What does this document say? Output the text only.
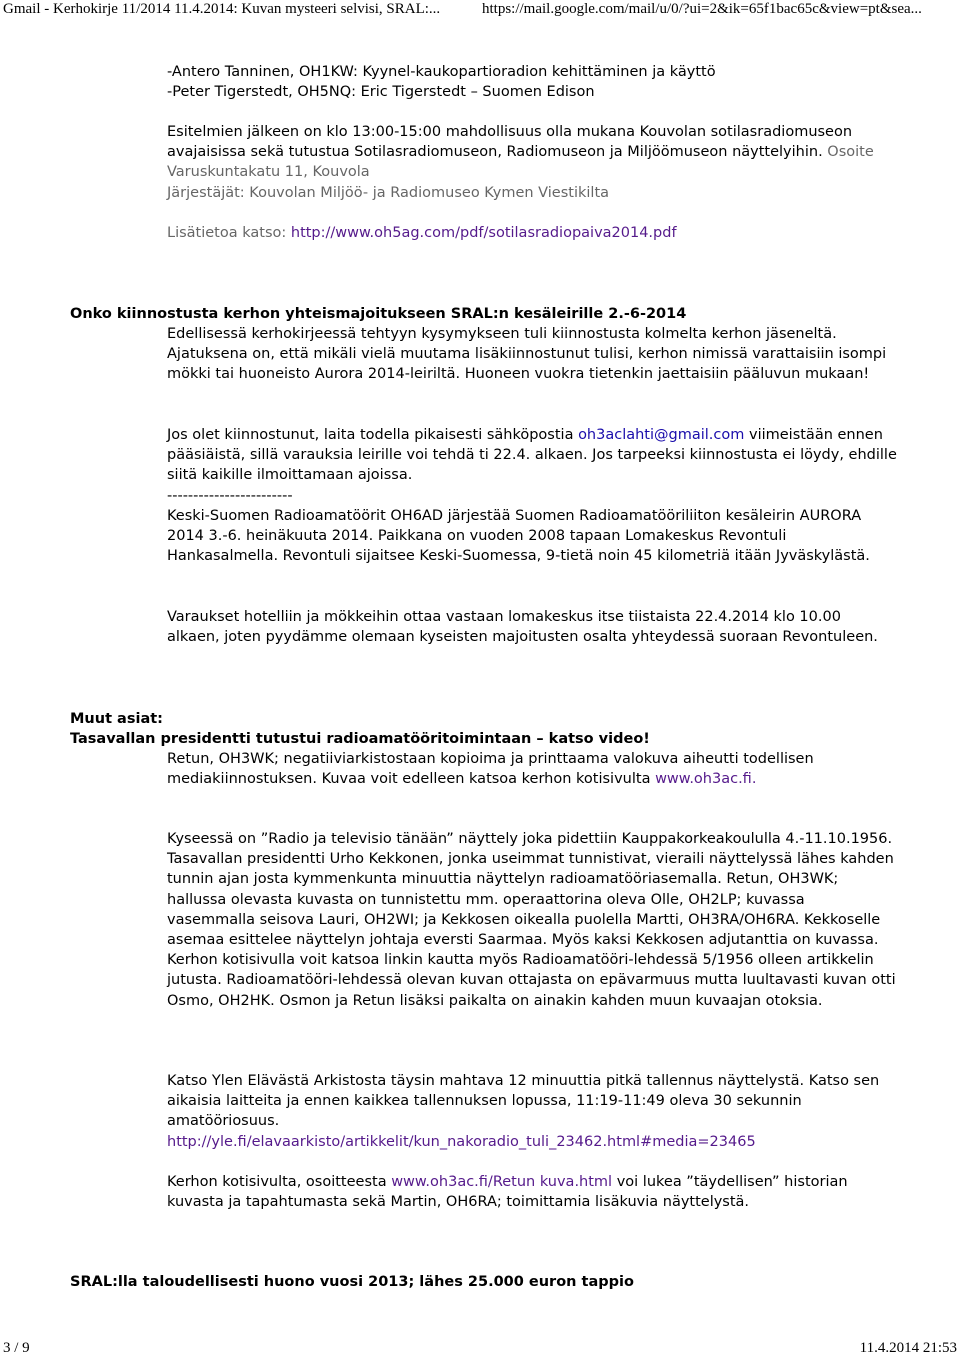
Gmail - Kerhokirje 11/2014 11.4.2014: Kuvan mysteeri selvisi, SRAL:...	https://mail.google.com/mail/u/0/?ui=2&ik=65f1bac65c&view=pt&sea...

-Antero Tanninen, OH1KW: Kyynel-kaukopartioradion kehittäminen ja käyttö

-Peter Tigerstedt, OH5NQ: Eric Tigerstedt – Suomen Edison

Esitelmien jälkeen on klo 13:00-15:00 mahdollisuus olla mukana Kouvolan sotilasradiomuseon avajaisissa sekä tutustua Sotilasradiomuseon, Radiomuseon ja Miljöömuseon näyttelyihin. Osoite Varuskuntakatu 11, Kouvola

Järjestäjät: Kouvolan Miljöö- ja Radiomuseo Kymen Viestikilta

Lisätietoa katso: http://www.oh5ag.com/pdf/sotilasradiopaiva2014.pdf

Onko kiinnostusta kerhon yhteismajoitukseen SRAL:n kesäleirille 2.-6-2014

Edellisessä kerhokirjeessä tehtyyn kysymykseen tuli kiinnostusta kolmelta kerhon jäseneltä. Ajatuksena on, että mikäli vielä muutama lisäkiinnostunut tulisi, kerhon nimissä varattaisiin isompi mökki tai huoneisto Aurora 2014-leiriltä. Huoneen vuokra tietenkin jaettaisiin pääluvun mukaan!

Jos olet kiinnostunut, laita todella pikaisesti sähköpostia oh3aclahti@gmail.com viimeistään ennen pääsiäistä, sillä varauksia leirille voi tehdä ti 22.4. alkaen. Jos tarpeeksi kiinnostusta ei löydy, ehdille siitä kaikille ilmoittamaan ajoissa.

------------------------

Keski-Suomen Radioamatöörit OH6AD järjestää Suomen Radioamatööriliiton kesäleirin AURORA 2014 3.-6. heinäkuuta 2014. Paikkana on vuoden 2008 tapaan Lomakeskus Revontuli Hankasalmella. Revontuli sijaitsee Keski-Suomessa, 9-tietä noin 45 kilometriä itään Jyväskylästä.

Varaukset hotelliin ja mökkeihin ottaa vastaan lomakeskus itse tiistaista 22.4.2014 klo 10.00 alkaen, joten pyydämme olemaan kyseisten majoitusten osalta yhteydessä suoraan Revontuleen.

Muut asiat:
Tasavallan presidentti tutustui radioamatööritoimintaan – katso video!

Retun, OH3WK; negatiiviarkistostaan kopioima ja printtaama valokuva aiheutti todellisen mediakiinnostuksen. Kuvaa voit edelleen katsoa kerhon kotisivulta www.oh3ac.fi.

Kyseessä on ”Radio ja televisio tänään” näyttely joka pidettiin Kauppakorkeakoululla 4.-11.10.1956. Tasavallan presidentti Urho Kekkonen, jonka useimmat tunnistivat, vieraili näyttelyssä lähes kahden tunnin ajan josta kymmenkunta minuuttia näyttelyn radioamatööriasemalla. Retun, OH3WK; hallussa olevasta kuvasta on tunnistettu mm. operaattorina oleva Olle, OH2LP; kuvassa vasemmalla seisova Lauri, OH2WI; ja Kekkosen oikealla puolella Martti, OH3RA/OH6RA. Kekkoselle asemaa esittelee näyttelyn johtaja eversti Saarmaa. Myös kaksi Kekkosen adjutanttia on kuvassa. Kerhon kotisivulla voit katsoa linkin kautta myös Radioamatööri-lehdessä 5/1956 olleen artikkelin jutusta. Radioamatööri-lehdessä olevan kuvan ottajasta on epävarmuus mutta luultavasti kuvan otti Osmo, OH2HK. Osmon ja Retun lisäksi paikalta on ainakin kahden muun kuvaajan otoksia.

Katso Ylen Elävästä Arkistosta täysin mahtava 12 minuuttia pitkä tallennus näyttelystä. Katso sen aikaisia laitteita ja ennen kaikkea tallennuksen lopussa, 11:19-11:49 oleva 30 sekunnin amatööriosuus.

http://yle.fi/elavaarkisto/artikkelit/kun_nakoradio_tuli_23462.html#media=23465

Kerhon kotisivulta, osoitteesta www.oh3ac.fi/Retun kuva.html voi lukea ”täydellisen” historian kuvasta ja tapahtumasta sekä Martin, OH6RA; toimittamia lisäkuvia näyttelystä.

SRAL:lla taloudellisesti huono vuosi 2013; lähes 25.000 euron tappio
3 / 9	11.4.2014 21:53
